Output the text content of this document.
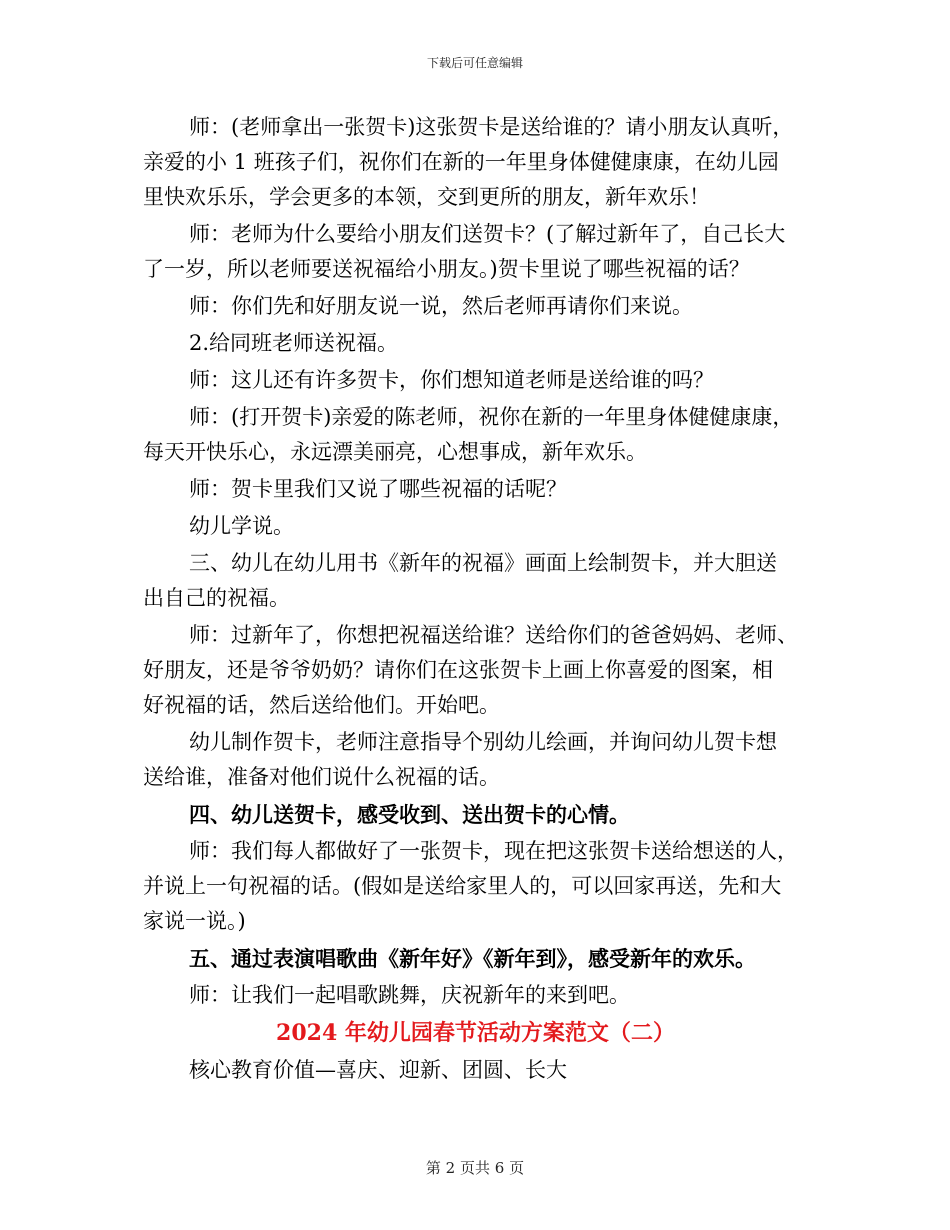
下载后可任意编辑

师：(老师拿出一张贺卡)这张贺卡是送给谁的？请小朋友认真听，
亲爱的小 1 班孩子们，祝你们在新的一年里身体健健康康，在幼儿园
里快欢乐乐，学会更多的本领，交到更所的朋友，新年欢乐！

师：老师为什么要给小朋友们送贺卡？(了解过新年了，自己长大
了一岁，所以老师要送祝福给小朋友。)贺卡里说了哪些祝福的话？

师：你们先和好朋友说一说，然后老师再请你们来说。

2.给同班老师送祝福。

师：这儿还有许多贺卡，你们想知道老师是送给谁的吗？

师：(打开贺卡)亲爱的陈老师，祝你在新的一年里身体健健康康，
每天开快乐心，永远漂美丽亮，心想事成，新年欢乐。

师：贺卡里我们又说了哪些祝福的话呢？

幼儿学说。

三、幼儿在幼儿用书《新年的祝福》画面上绘制贺卡，并大胆送
出自己的祝福。

师：过新年了，你想把祝福送给谁？送给你们的爸爸妈妈、老师、
好朋友，还是爷爷奶奶？请你们在这张贺卡上画上你喜爱的图案，相
好祝福的话，然后送给他们。开始吧。

幼儿制作贺卡，老师注意指导个别幼儿绘画，并询问幼儿贺卡想
送给谁，准备对他们说什么祝福的话。

四、幼儿送贺卡，感受收到、送出贺卡的心情。

师：我们每人都做好了一张贺卡，现在把这张贺卡送给想送的人，
并说上一句祝福的话。(假如是送给家里人的，可以回家再送，先和大
家说一说。)

五、通过表演唱歌曲《新年好》《新年到》，感受新年的欢乐。

师：让我们一起唱歌跳舞，庆祝新年的来到吧。

2024 年幼儿园春节活动方案范文（二）

核心教育价值—喜庆、迎新、团圆、长大

第 2 页共 6 页
